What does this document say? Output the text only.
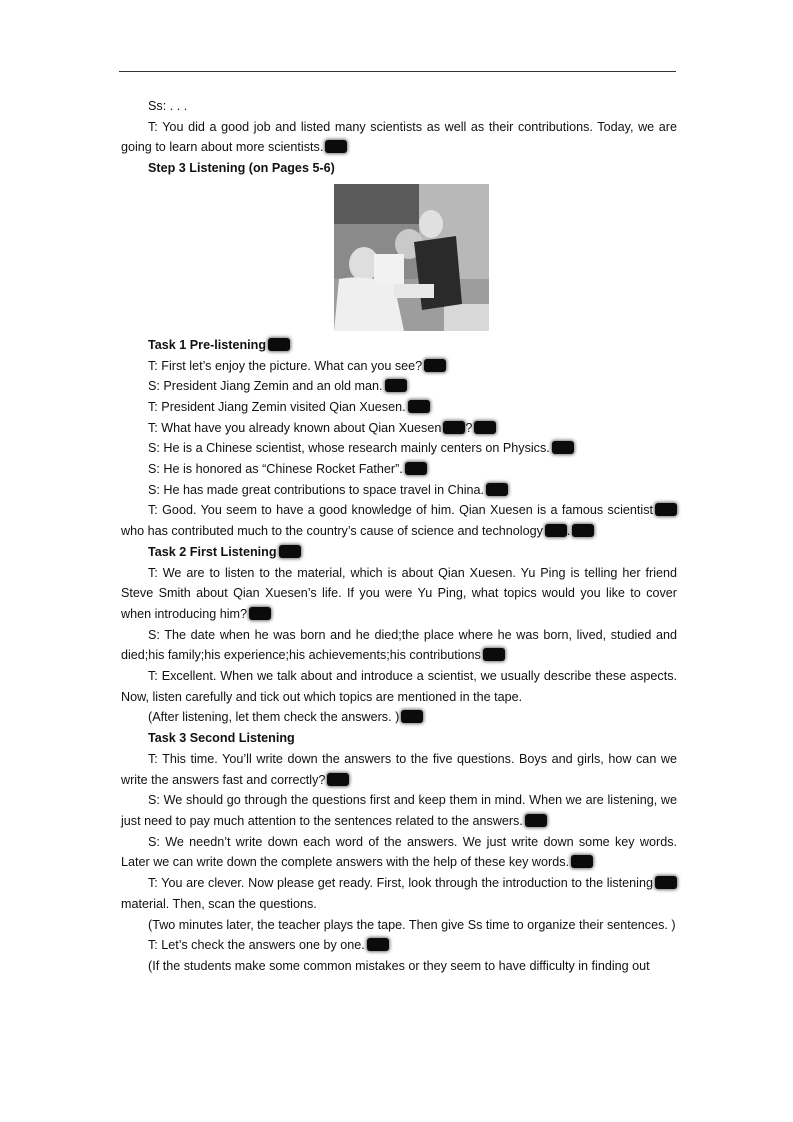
Ss: . . .

T: You did a good job and listed many scientists as well as their contributions. Today, we are going to learn about more scientists.

Step 3 Listening (on Pages 5-6)

Task 1 Pre-listening

T: First let’s enjoy the picture. What can you see?

S: President Jiang Zemin and an old man.

T: President Jiang Zemin visited Qian Xuesen.

T: What have you already known about Qian Xuesen ?

S: He is a Chinese scientist, whose research mainly centers on Physics.

S: He is honored as “Chinese Rocket Father”.

S: He has made great contributions to space travel in China.

T: Good. You seem to have a good knowledge of him. Qian Xuesen is a famous scientist who has contributed much to the country’s cause of science and technology .

Task 2 First Listening

T: We are to listen to the material, which is about Qian Xuesen. Yu Ping is telling her friend Steve Smith about Qian Xuesen’s life. If you were Yu Ping, what topics would you like to cover when introducing him?

S: The date when he was born and he died;the place where he was born, lived, studied and died;his family;his experience;his achievements;his contributions

T: Excellent. When we talk about and introduce a scientist, we usually describe these aspects. Now, listen carefully and tick out which topics are mentioned in the tape.

(After listening, let them check the answers. )

Task 3 Second Listening

T: This time. You’ll write down the answers to the five questions. Boys and girls, how can we write the answers fast and correctly?

S: We should go through the questions first and keep them in mind. When we are listening, we just need to pay much attention to the sentences related to the answers.

S: We needn’t write down each word of the answers. We just write down some key words. Later we can write down the complete answers with the help of these key words.

T: You are clever. Now please get ready. First, look through the introduction to the listeningmaterial. Then, scan the questions.

(Two minutes later, the teacher plays the tape. Then give Ss time to organize their sentences. )

T: Let’s check the answers one by one.

(If the students make some common mistakes or they seem to have difficulty in finding out
